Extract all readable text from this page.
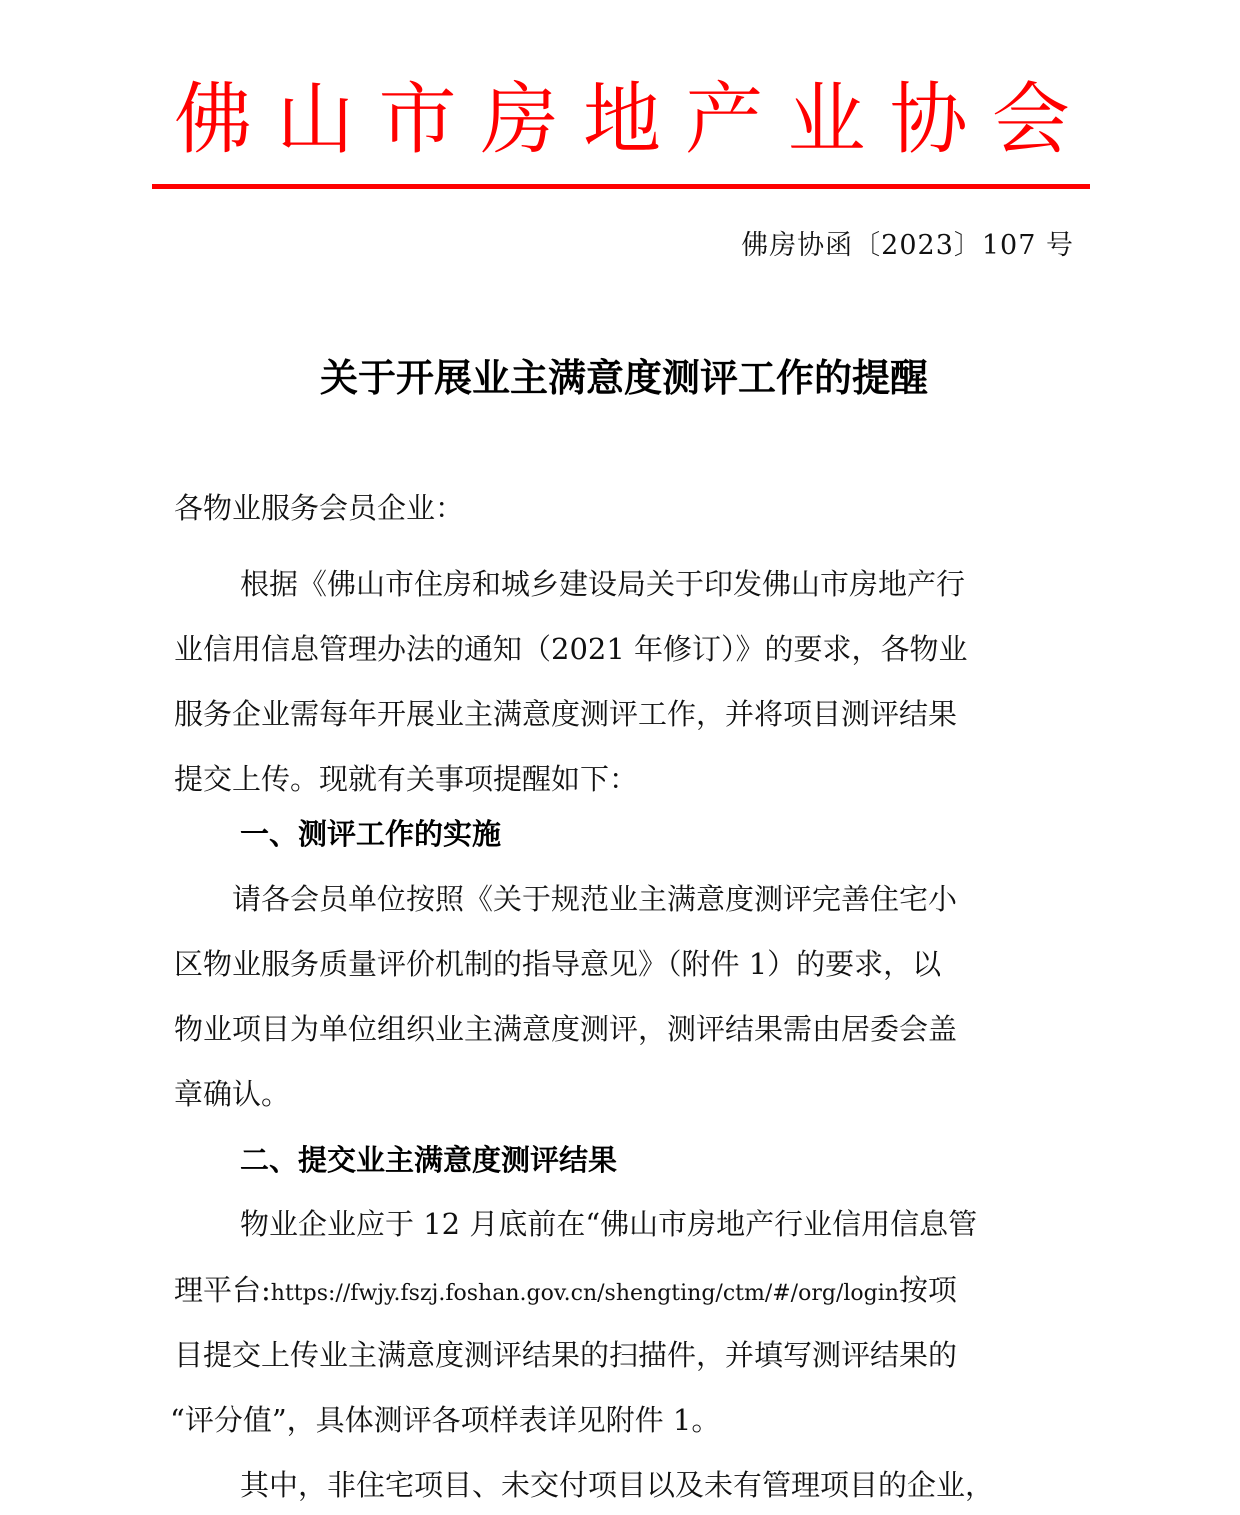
佛 山 市 房 地 产 业 协 会
佛房协函〔2023〕107 号
关于开展业主满意度测评工作的提醒
各物业服务会员企业：
根据《佛山市住房和城乡建设局关于印发佛山市房地产行
业信用信息管理办法的通知（2021 年修订）》的要求，各物业
服务企业需每年开展业主满意度测评工作，并将项目测评结果
提交上传。现就有关事项提醒如下：
一、测评工作的实施
请各会员单位按照《关于规范业主满意度测评完善住宅小
区物业服务质量评价机制的指导意见》（附件 1）的要求，以
物业项目为单位组织业主满意度测评，测评结果需由居委会盖
章确认。
二、提交业主满意度测评结果
物业企业应于 12 月底前在“佛山市房地产行业信用信息管
理平台:https://fwjy.fszj.foshan.gov.cn/shengting/ctm/#/org/login按项
目提交上传业主满意度测评结果的扫描件，并填写测评结果的
“评分值”，具体测评各项样表详见附件 1。
其中，非住宅项目、未交付项目以及未有管理项目的企业，
